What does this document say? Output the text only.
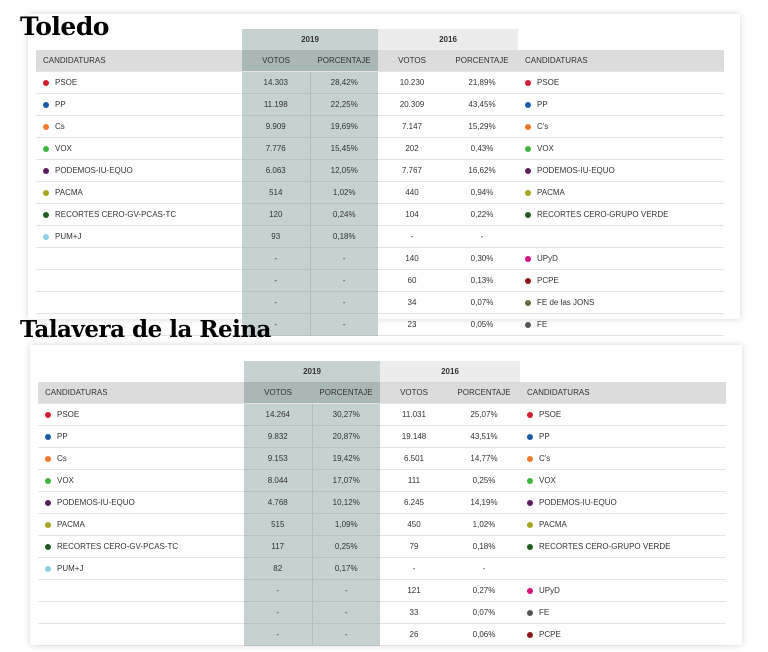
Toledo
		2019		2016		
CANDIDATURAS	VOTOS	PORCENTAJE	VOTOS	PORCENTAJE	CANDIDATURAS
PSOE	14.303	28,42%	10.230	21,89%	PSOE
PP	11.198	22,25%	20.309	43,45%	PP
Cs	9.909	19,69%	7.147	15,29%	C's
VOX	7.776	15,45%	202	0,43%	VOX
PODEMOS-IU-EQUO	6.063	12,05%	7.767	16,62%	PODEMOS-IU-EQUO
PACMA	514	1,02%	440	0,94%	PACMA
RECORTES CERO-GV-PCAS-TC	120	0,24%	104	0,22%	RECORTES CERO-GRUPO VERDE
PUM+J	93	0,18%	-	-	
	-	-	140	0,30%	UPyD
	-	-	60	0,13%	PCPE
	-	-	34	0,07%	FE de las JONS
	-	-	23	0,05%	FE
Talavera de la Reina
	2019		2016		
CANDIDATURAS	VOTOS	PORCENTAJE	VOTOS	PORCENTAJE	CANDIDATURAS
PSOE	14.264	30,27%	11.031	25,07%	PSOE
PP	9.832	20,87%	19.148	43,51%	PP
Cs	9.153	19,42%	6.501	14,77%	C's
VOX	8.044	17,07%	111	0,25%	VOX
PODEMOS-IU-EQUO	4.768	10,12%	6.245	14,19%	PODEMOS-IU-EQUO
PACMA	515	1,09%	450	1,02%	PACMA
RECORTES CERO-GV-PCAS-TC	117	0,25%	79	0,18%	RECORTES CERO-GRUPO VERDE
PUM+J	82	0,17%	-	-	
	-	-	121	0,27%	UPyD
	-	-	33	0,07%	FE
	-	-	26	0,06%	PCPE
